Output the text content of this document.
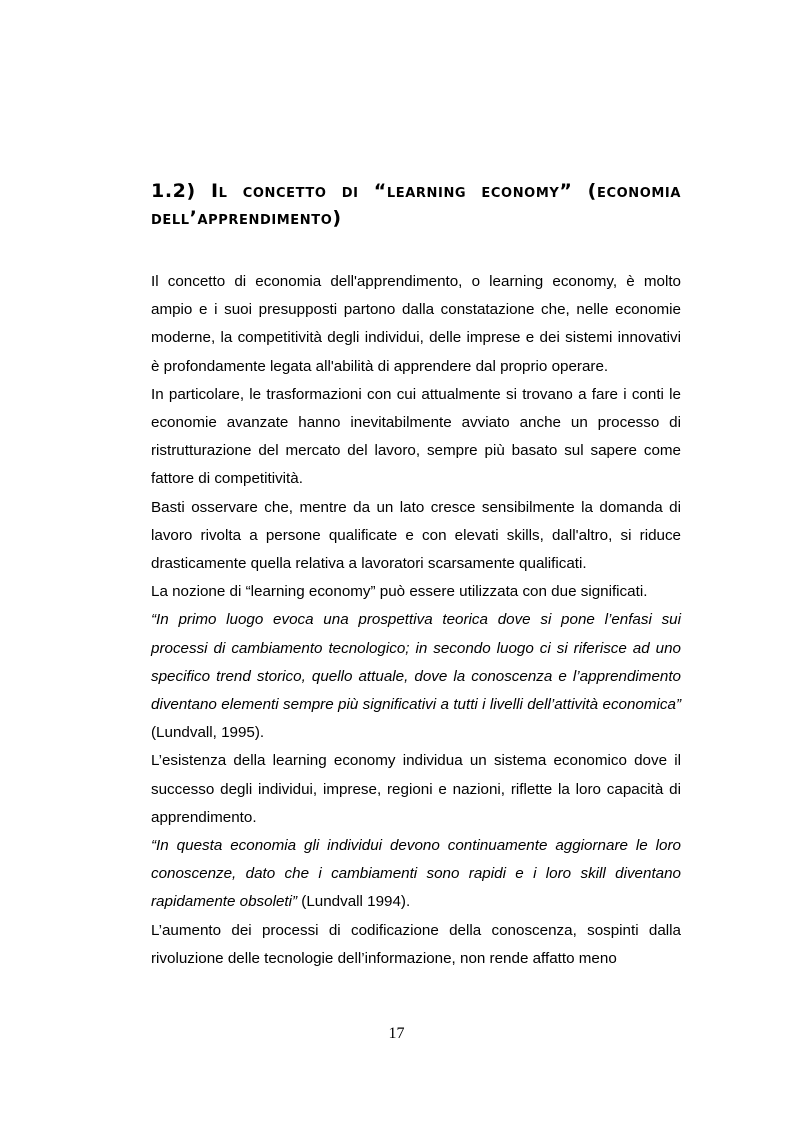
1.2) Il concetto di “learning economy” (economia dell’apprendimento)

Il concetto di economia dell'apprendimento, o learning economy, è molto ampio e i suoi presupposti partono dalla constatazione che, nelle economie moderne, la competitività degli individui, delle imprese e dei sistemi innovativi è profondamente legata all'abilità di apprendere dal proprio operare.

In particolare, le trasformazioni con cui attualmente si trovano a fare i conti le economie avanzate hanno inevitabilmente avviato anche un processo di ristrutturazione del mercato del lavoro, sempre più basato sul sapere come fattore di competitività.

Basti osservare che, mentre da un lato cresce sensibilmente la domanda di lavoro rivolta a persone qualificate e con elevati skills, dall'altro, si riduce drasticamente quella relativa a lavoratori scarsamente qualificati.

La nozione di “learning economy” può essere utilizzata con due significati.

“In primo luogo evoca una prospettiva teorica dove si pone l’enfasi sui processi di cambiamento tecnologico; in secondo luogo ci si riferisce ad uno specifico trend storico, quello attuale, dove la conoscenza e l’apprendimento diventano elementi sempre più significativi a tutti i livelli dell’attività economica” (Lundvall, 1995).

L’esistenza della learning economy individua un sistema economico dove il successo degli individui, imprese, regioni e nazioni, riflette la loro capacità di apprendimento.

“In questa economia gli individui devono continuamente aggiornare le loro conoscenze, dato che i cambiamenti sono rapidi e i loro skill diventano rapidamente obsoleti” (Lundvall 1994).

L’aumento dei processi di codificazione della conoscenza, sospinti dalla rivoluzione delle tecnologie dell’informazione, non rende affatto meno

17
